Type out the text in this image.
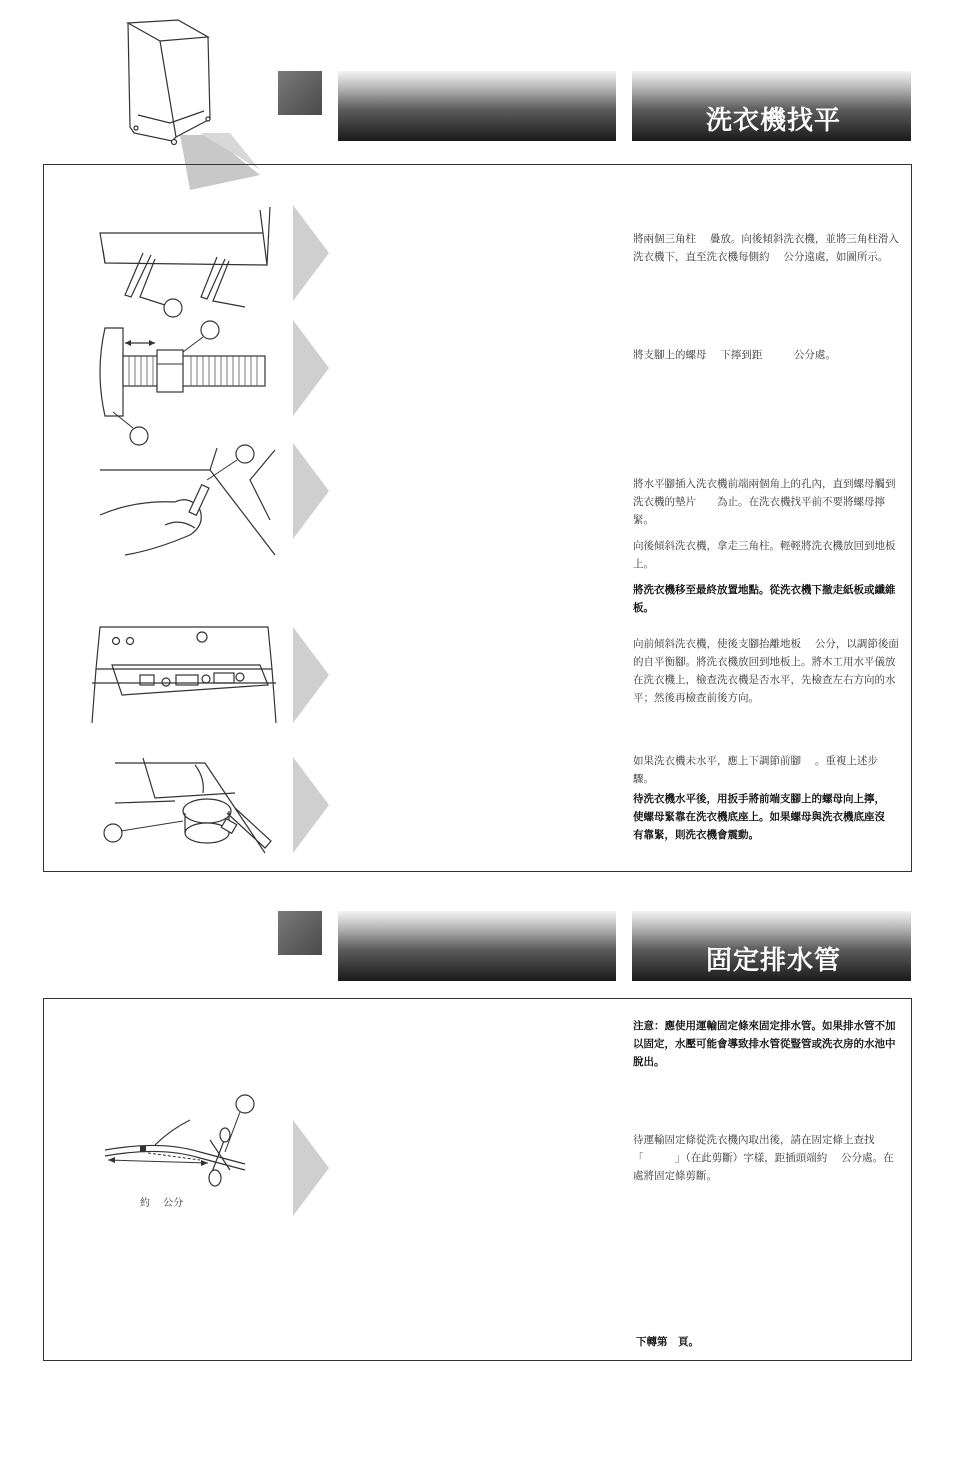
洗衣機找平
將兩個三角柱　 疊放。向後傾斜洗衣機，並將三角柱滑入洗衣機下，直至洗衣機每側約　 公分遠處，如圖所示。
將支腳上的螺母　 下擰到距　　　公分處。

將水平腳插入洗衣機前端兩個角上的孔內，直到螺母觸到洗衣機的墊片　　為止。在洗衣機找平前不要將螺母擰緊。

向後傾斜洗衣機，拿走三角柱。輕輕將洗衣機放回到地板上。

將洗衣機移至最終放置地點。從洗衣機下撤走紙板或纖維板。

向前傾斜洗衣機，使後支腳抬離地板　 公分，以調節後面的自平衡腳。將洗衣機放回到地板上。將木工用水平儀放在洗衣機上，檢查洗衣機是否水平，先檢查左右方向的水平；然後再檢查前後方向。

如果洗衣機未水平，應上下調節前腳　 。重複上述步驟。

待洗衣機水平後，用扳手將前端支腳上的螺母向上擰，使螺母緊靠在洗衣機底座上。如果螺母與洗衣機底座沒有靠緊，則洗衣機會震動。

固定排水管
注意：應使用運輸固定條來固定排水管。如果排水管不加以固定，水壓可能會導致排水管從豎管或洗衣房的水池中脫出。
約　 公分
待運輸固定條從洗衣機內取出後，請在固定條上查找「　　　」（在此剪斷）字樣，距插頭端約　 公分處。在　 處將固定條剪斷。
下轉第　頁。
